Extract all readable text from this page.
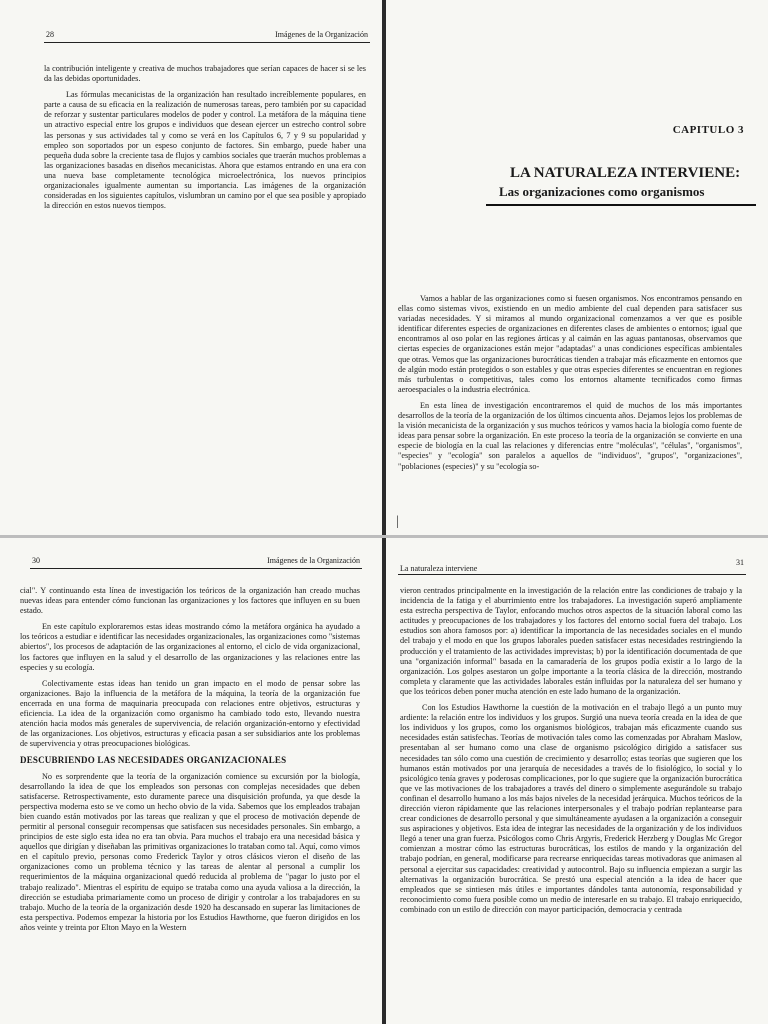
28	Imágenes de la Organización

la contribución inteligente y creativa de muchos trabajadores que serían capaces de hacer si se les da las debidas oportunidades.

Las fórmulas mecanicistas de la organización han resultado increíblemente populares, en parte a causa de su eficacia en la realización de numerosas tareas, pero también por su capacidad de reforzar y sustentar particulares modelos de poder y control. La metáfora de la máquina tiene un atractivo especial entre los grupos e individuos que desean ejercer un estrecho control sobre las personas y sus actividades tal y como se verá en los Capítulos 6, 7 y 9 su popularidad y empleo son soportados por un espeso conjunto de factores. Sin embargo, puede haber una pequeña duda sobre la creciente tasa de flujos y cambios sociales que traerán muchos problemas a las organizaciones basadas en diseños mecanicistas. Ahora que estamos entrando en una era con una nueva base completamente tecnológica microelectrónica, los nuevos principios organizacionales igualmente aumentan su importancia. Las imágenes de la organización consideradas en los siguientes capítulos, vislumbran un camino por el que sea posible y apropiado la dirección en estos nuevos tiempos.

CAPITULO 3
LA NATURALEZA INTERVIENE:
Las organizaciones como organismos

Vamos a hablar de las organizaciones como si fuesen organismos. Nos encontramos pensando en ellas como sistemas vivos, existiendo en un medio ambiente del cual dependen para satisfacer sus variadas necesidades. Y si miramos al mundo organizacional comenzamos a ver que es posible identificar diferentes especies de organizaciones en diferentes clases de ambientes o entornos; igual que encontramos al oso polar en las regiones árticas y al caimán en las aguas pantanosas, observamos que ciertas especies de organizaciones están mejor "adaptadas" a unas condiciones específicas ambientales que otras. Vemos que las organizaciones burocráticas tienden a trabajar más eficazmente en entornos que de algún modo están protegidos o son estables y que otras especies diferentes se encuentran en regiones más turbulentas o competitivas, tales como los entornos altamente tecnificados como firmas aeroespaciales o la industria electrónica.

En esta línea de investigación encontraremos el quid de muchos de los más importantes desarrollos de la teoría de la organización de los últimos cincuenta años. Dejamos lejos los problemas de la visión mecanicista de la organización y sus muchos teóricos y vamos hacia la biología como fuente de ideas para pensar sobre la organización. En este proceso la teoría de la organización se convierte en una especie de biología en la cual las relaciones y diferencias entre "moléculas", "células", "organismos", "especies" y "ecología" son paralelos a aquellos de "individuos", "grupos", "organizaciones", "poblaciones (especies)" y su "ecología so-

|
30	Imágenes de la Organización

cial". Y continuando esta línea de investigación los teóricos de la organización han creado muchas nuevas ideas para entender cómo funcionan las organizaciones y los factores que influyen en su buen estado.

En este capítulo exploraremos estas ideas mostrando cómo la metáfora orgánica ha ayudado a los teóricos a estudiar e identificar las necesidades organizacionales, las organizaciones como "sistemas abiertos", los procesos de adaptación de las organizaciones al entorno, el ciclo de vida organizacional, los factores que influyen en la salud y el desarrollo de las organizaciones y las relaciones entre las especies y su ecología.

Colectivamente estas ideas han tenido un gran impacto en el modo de pensar sobre las organizaciones. Bajo la influencia de la metáfora de la máquina, la teoría de la organización fue encerrada en una forma de maquinaria preocupada con relaciones entre objetivos, estructuras y eficiencia. La idea de la organización como organismo ha cambiado todo esto, llevando nuestra atención hacia modos más generales de supervivencia, de relación organización-entorno y efectividad de las organizaciones. Los objetivos, estructuras y eficacia pasan a ser subsidiarios ante los problemas de supervivencia y otras preocupaciones biológicas.

DESCUBRIENDO LAS NECESIDADES ORGANIZACIONALES

No es sorprendente que la teoría de la organización comience su excursión por la biología, desarrollando la idea de que los empleados son personas con complejas necesidades que deben satisfacerse. Retrospectivamente, esto duramente parece una disquisición profunda, ya que desde la perspectiva moderna esto se ve como un hecho obvio de la vida. Sabemos que los empleados trabajan bien cuando están motivados por las tareas que realizan y que el proceso de motivación depende de permitir al personal conseguir recompensas que satisfacen sus necesidades personales. Sin embargo, a principios de este siglo esta idea no era tan obvia. Para muchos el trabajo era una necesidad básica y aquellos que dirigían y diseñaban las primitivas organizaciones lo trataban como tal. Aquí, como vimos en el capítulo previo, personas como Frederick Taylor y otros clásicos vieron el diseño de las organizaciones como un problema técnico y las tareas de alentar al personal a cumplir los requerimientos de la máquina organizacional quedó reducida al problema de "pagar lo justo por el trabajo realizado". Mientras el espíritu de equipo se trataba como una ayuda valiosa a la dirección, la dirección se estudiaba primariamente como un proceso de dirigir y controlar a los trabajadores en su trabajo. Mucho de la teoría de la organización desde 1920 ha descansado en superar las limitaciones de esta perspectiva. Podemos empezar la historia por los Estudios Hawthorne, que fueron dirigidos en los años veinte y treinta por Elton Mayo en la Western

La naturaleza interviene
31

vieron centrados principalmente en la investigación de la relación entre las condiciones de trabajo y la incidencia de la fatiga y el aburrimiento entre los trabajadores. La investigación superó ampliamente esta estrecha perspectiva de Taylor, enfocando muchos otros aspectos de la situación laboral como las actitudes y preocupaciones de los trabajadores y los factores del entorno social fuera del trabajo. Los estudios son ahora famosos por: a) identificar la importancia de las necesidades sociales en el mundo del trabajo y el modo en que los grupos laborales pueden satisfacer estas necesidades restringiendo la producción y el tratamiento de las actividades imprevistas; b) por la identificación documentada de que una "organización informal" basada en la camaradería de los grupos podía existir a lo largo de la organización. Los golpes asestaron un golpe importante a la teoría clásica de la dirección, mostrando completa y claramente que las actividades laborales están influidas por la naturaleza del ser humano y que los teóricos deben poner mucha atención en este lado humano de la organización.

Con los Estudios Hawthorne la cuestión de la motivación en el trabajo llegó a un punto muy ardiente: la relación entre los individuos y los grupos. Surgió una nueva teoría creada en la idea de que los individuos y los grupos, como los organismos biológicos, trabajan más eficazmente cuando sus necesidades están satisfechas. Teorías de motivación tales como las comenzadas por Abraham Maslow, presentaban al ser humano como una clase de organismo psicológico dirigido a satisfacer sus necesidades tan sólo como una cuestión de crecimiento y desarrollo; estas teorías que sugieren que los humanos están motivados por una jerarquía de necesidades a través de lo fisiológico, lo social y lo psicológico tenía graves y poderosas complicaciones, por lo que sugiere que la organización burocrática que ve las motivaciones de los trabajadores a través del dinero o simplemente asegurándole su trabajo confinan el desarrollo humano a los más bajos niveles de la necesidad jerárquica. Muchos teóricos de la dirección vieron rápidamente que las relaciones interpersonales y el trabajo podrían replantearse para crear condiciones de desarrollo personal y que simultáneamente ayudasen a la organización a conseguir sus aspiraciones y objetivos. Esta idea de integrar las necesidades de la organización y de los individuos llegó a tener una gran fuerza. Psicólogos como Chris Argyris, Frederick Herzberg y Douglas Mc Gregor comienzan a mostrar cómo las estructuras burocráticas, los estilos de mando y la organización del trabajo podrían, en general, modificarse para recrearse enriquecidas tareas motivadoras que animasen al personal a ejercitar sus capacidades: creatividad y autocontrol. Bajo su influencia empiezan a surgir las alternativas la organización burocrática. Se prestó una especial atención a la idea de hacer que empleados que se sintiesen más útiles e importantes dándoles tanta autonomía, responsabilidad y reconocimiento como fuera posible como un medio de interesarle en su trabajo. El trabajo enriquecido, combinado con un estilo de dirección con mayor participación, democracia y centrada
